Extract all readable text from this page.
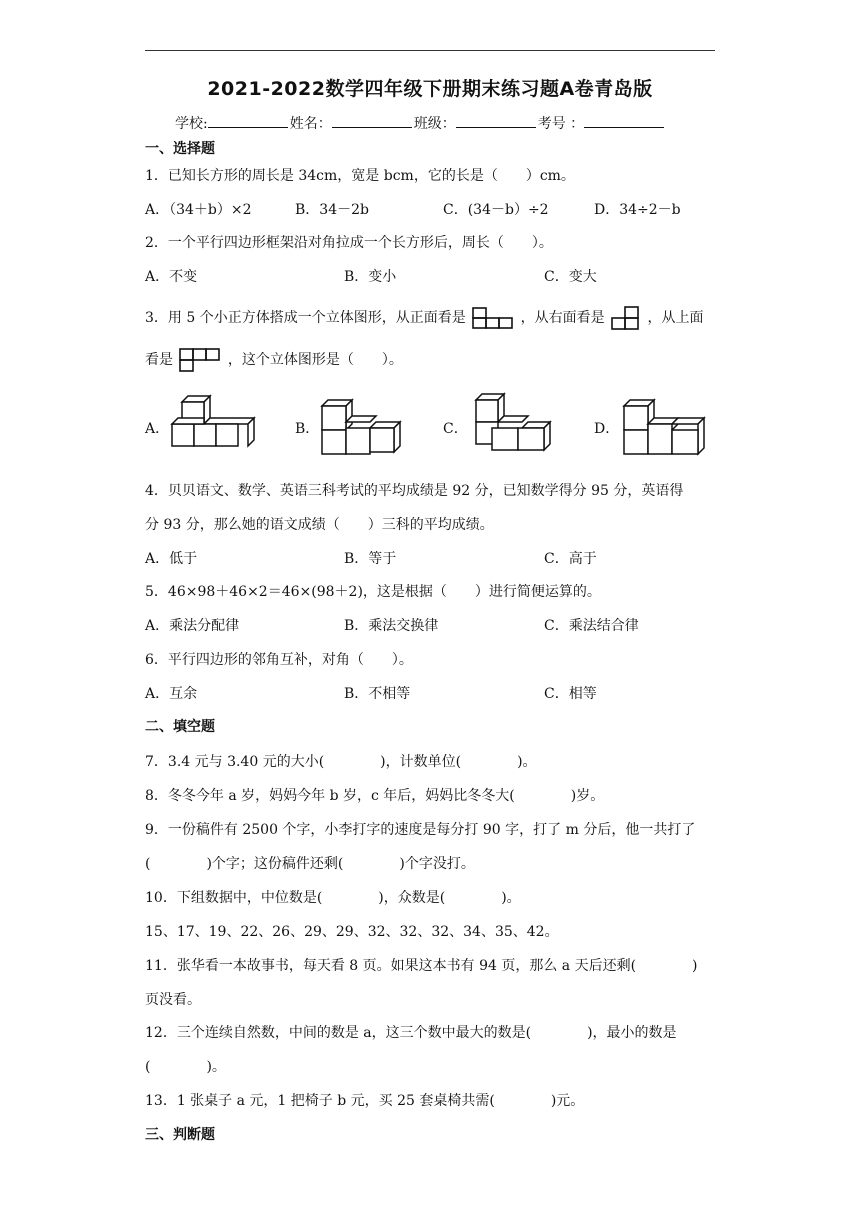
2021-2022数学四年级下册期末练习题A卷青岛版
学校:	姓名：	班级：	考号 ：
一、选择题
1．已知长方形的周长是 34cm，宽是 bcm，它的长是（　　）cm。
A．（34＋b）×2	B．34－2b	C．(34－b）÷2	D．34÷2－b
2．一个平行四边形框架沿对角拉成一个长方形后，周长（　　）。
A．不变	B．变小	C．变大
3．用 5 个小正方体搭成一个立体图形，从正面看是	，从右面看是	，从上面
看是	，这个立体图形是（　　）。
A．	B．	C．	D．
4．贝贝语文、数学、英语三科考试的平均成绩是 92 分，已知数学得分 95 分，英语得
分 93 分，那么她的语文成绩（　　）三科的平均成绩。
A．低于	B．等于	C．高于
5．46×98＋46×2＝46×(98＋2)，这是根据（　　）进行简便运算的。
A．乘法分配律	B．乘法交换律	C．乘法结合律
6．平行四边形的邻角互补，对角（　　）。
A．互余	B．不相等	C．相等
二、填空题
7．3.4 元与 3.40 元的大小(　　　　)，计数单位(　　　　)。
8．冬冬今年 a 岁，妈妈今年 b 岁，c 年后，妈妈比冬冬大(　　　　)岁。
9．一份稿件有 2500 个字，小李打字的速度是每分打 90 字，打了 m 分后，他一共打了
(　　　　)个字；这份稿件还剩(　　　　)个字没打。
10．下组数据中，中位数是(　　　　)，众数是(　　　　)。
15、17、19、22、26、29、29、32、32、32、34、35、42。
11．张华看一本故事书，每天看 8 页。如果这本书有 94 页，那么 a 天后还剩(　　　　)
页没看。
12．三个连续自然数，中间的数是 a，这三个数中最大的数是(　　　　)，最小的数是
(　　　　)。
13．1 张桌子 a 元，1 把椅子 b 元，买 25 套桌椅共需(　　　　)元。
三、判断题
